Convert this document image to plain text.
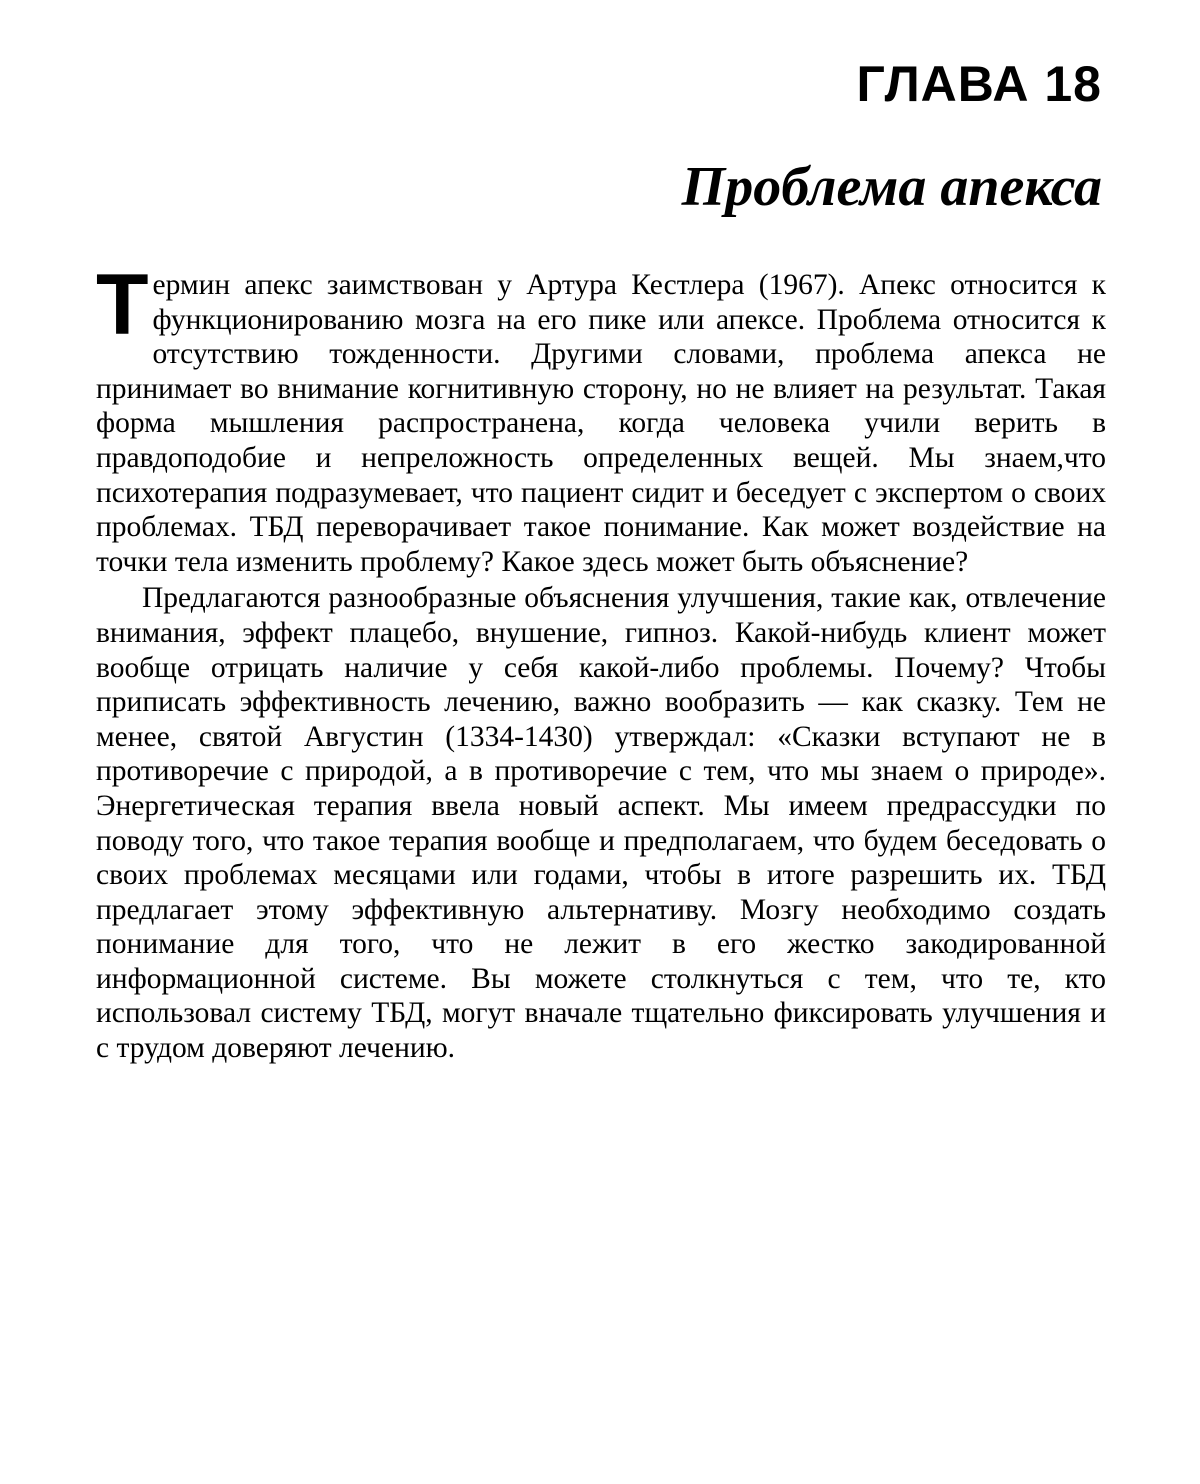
ГЛАВА 18
Проблема апекса

Т ермин апекс заимствован у Артура Кестлера (1967). Апекс относится к функционированию мозга на его пике или апексе. Проблема относится к отсутствию тожденности. Другими словами, проблема апекса не принимает во внимание когнитивную сторону, но не влияет на результат. Такая форма мышления распространена, когда человека учили верить в правдоподобие и непреложность определенных вещей. Мы знаем,что психотерапия подразумевает, что пациент сидит и беседует с экспертом о своих проблемах. ТБД переворачивает такое понимание. Как может воздействие на точки тела изменить проблему? Какое здесь может быть объяснение?

Предлагаются разнообразные объяснения улучшения, такие как, отвлечение внимания, эффект плацебо, внушение, гипноз. Какой-нибудь клиент может вообще отрицать наличие у себя какой-либо проблемы. Почему? Чтобы приписать эффективность лечению, важно вообразить — как сказку. Тем не менее, святой Августин (1334-1430) утверждал: «Сказки вступают не в противоречие с природой, а в противоречие с тем, что мы знаем о природе». Энергетическая терапия ввела новый аспект. Мы имеем предрассудки по поводу того, что такое терапия вообще и предполагаем, что будем беседовать о своих проблемах месяцами или годами, чтобы в итоге разрешить их. ТБД предлагает этому эффективную альтернативу. Мозгу необходимо создать понимание для того, что не лежит в его жестко закодированной информационной системе. Вы можете столкнуться с тем, что те, кто использовал систему ТБД, могут вначале тщательно фиксировать улучшения и с трудом доверяют лечению.
